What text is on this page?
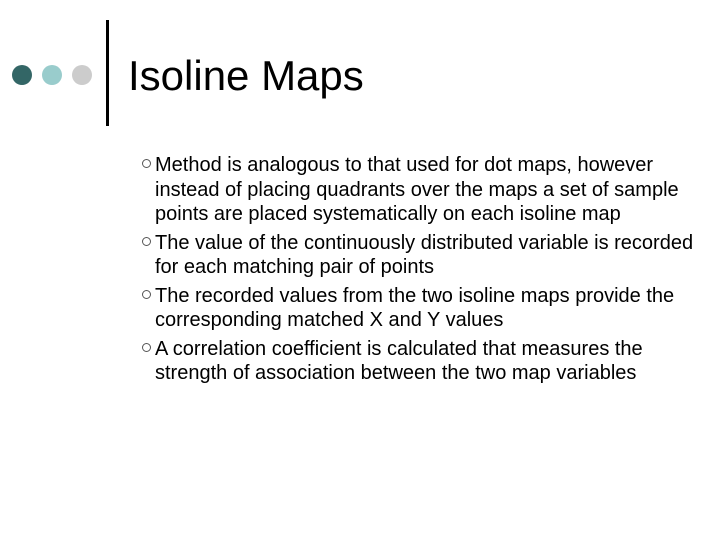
Isoline Maps
Method is analogous to that used for dot maps, however instead of placing quadrants over the maps a set of sample points are placed systematically on each isoline map
The value of the continuously distributed variable is recorded for each matching pair of points
The recorded values from the two isoline maps provide the corresponding matched X and Y values
A correlation coefficient is calculated that measures the strength of association between the two map variables
